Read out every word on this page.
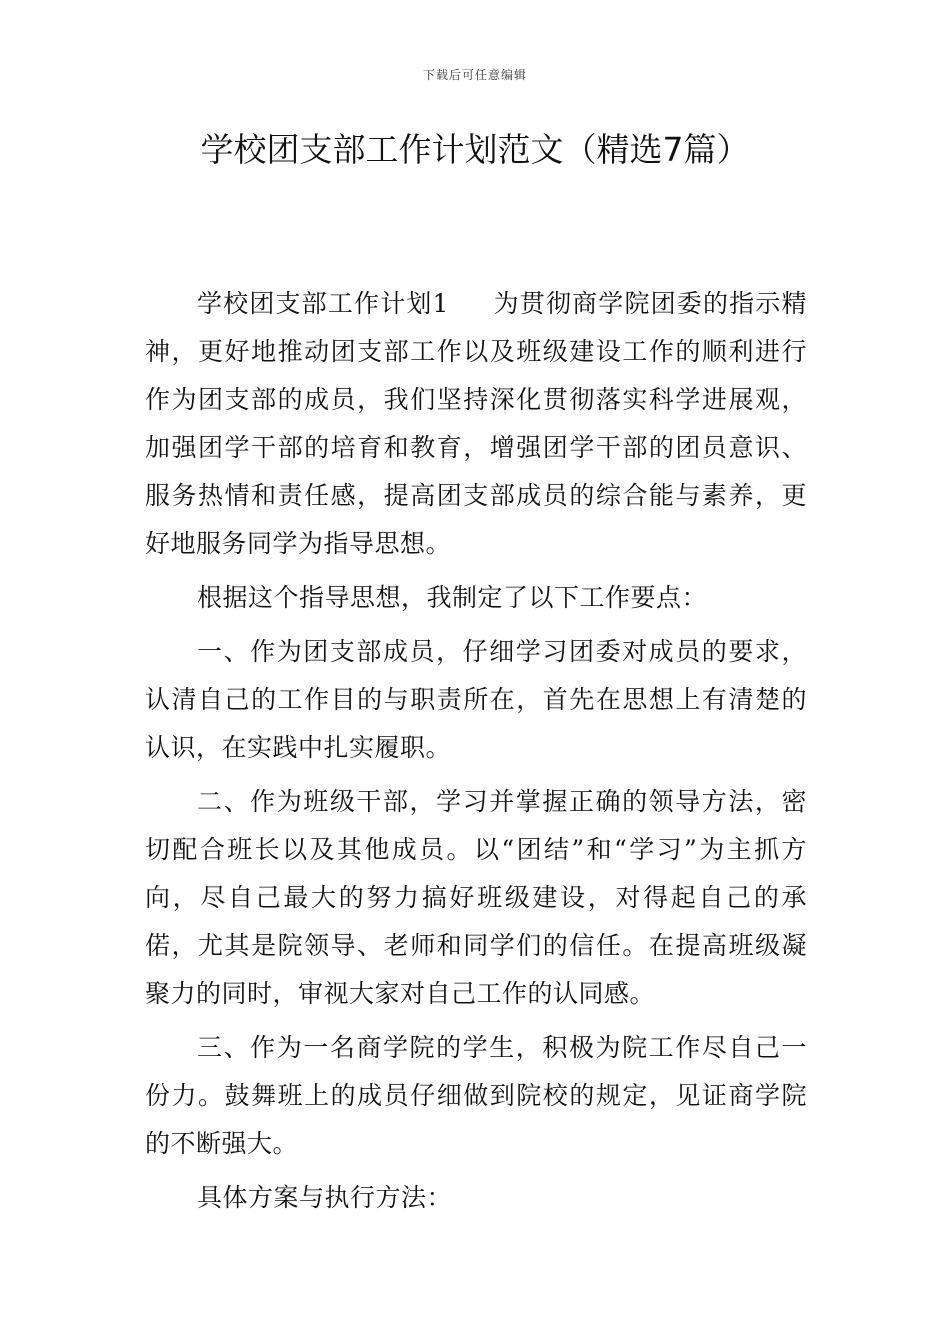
下载后可任意编辑
学校团支部工作计划范文（精选7篇）

学校团支部工作计划1 为贯彻商学院团委的指示精神，更好地推动团支部工作以及班级建设工作的顺利进行作为团支部的成员，我们坚持深化贯彻落实科学进展观，加强团学干部的培育和教育，增强团学干部的团员意识、服务热情和责任感，提高团支部成员的综合能与素养，更好地服务同学为指导思想。

根据这个指导思想，我制定了以下工作要点：

一、作为团支部成员，仔细学习团委对成员的要求，认清自己的工作目的与职责所在，首先在思想上有清楚的认识，在实践中扎实履职。

二、作为班级干部，学习并掌握正确的领导方法，密切配合班长以及其他成员。以“团结”和“学习”为主抓方向，尽自己最大的努力搞好班级建设，对得起自己的承偌，尤其是院领导、老师和同学们的信任。在提高班级凝聚力的同时，审视大家对自己工作的认同感。

三、作为一名商学院的学生，积极为院工作尽自己一份力。鼓舞班上的成员仔细做到院校的规定，见证商学院的不断强大。

具体方案与执行方法：
